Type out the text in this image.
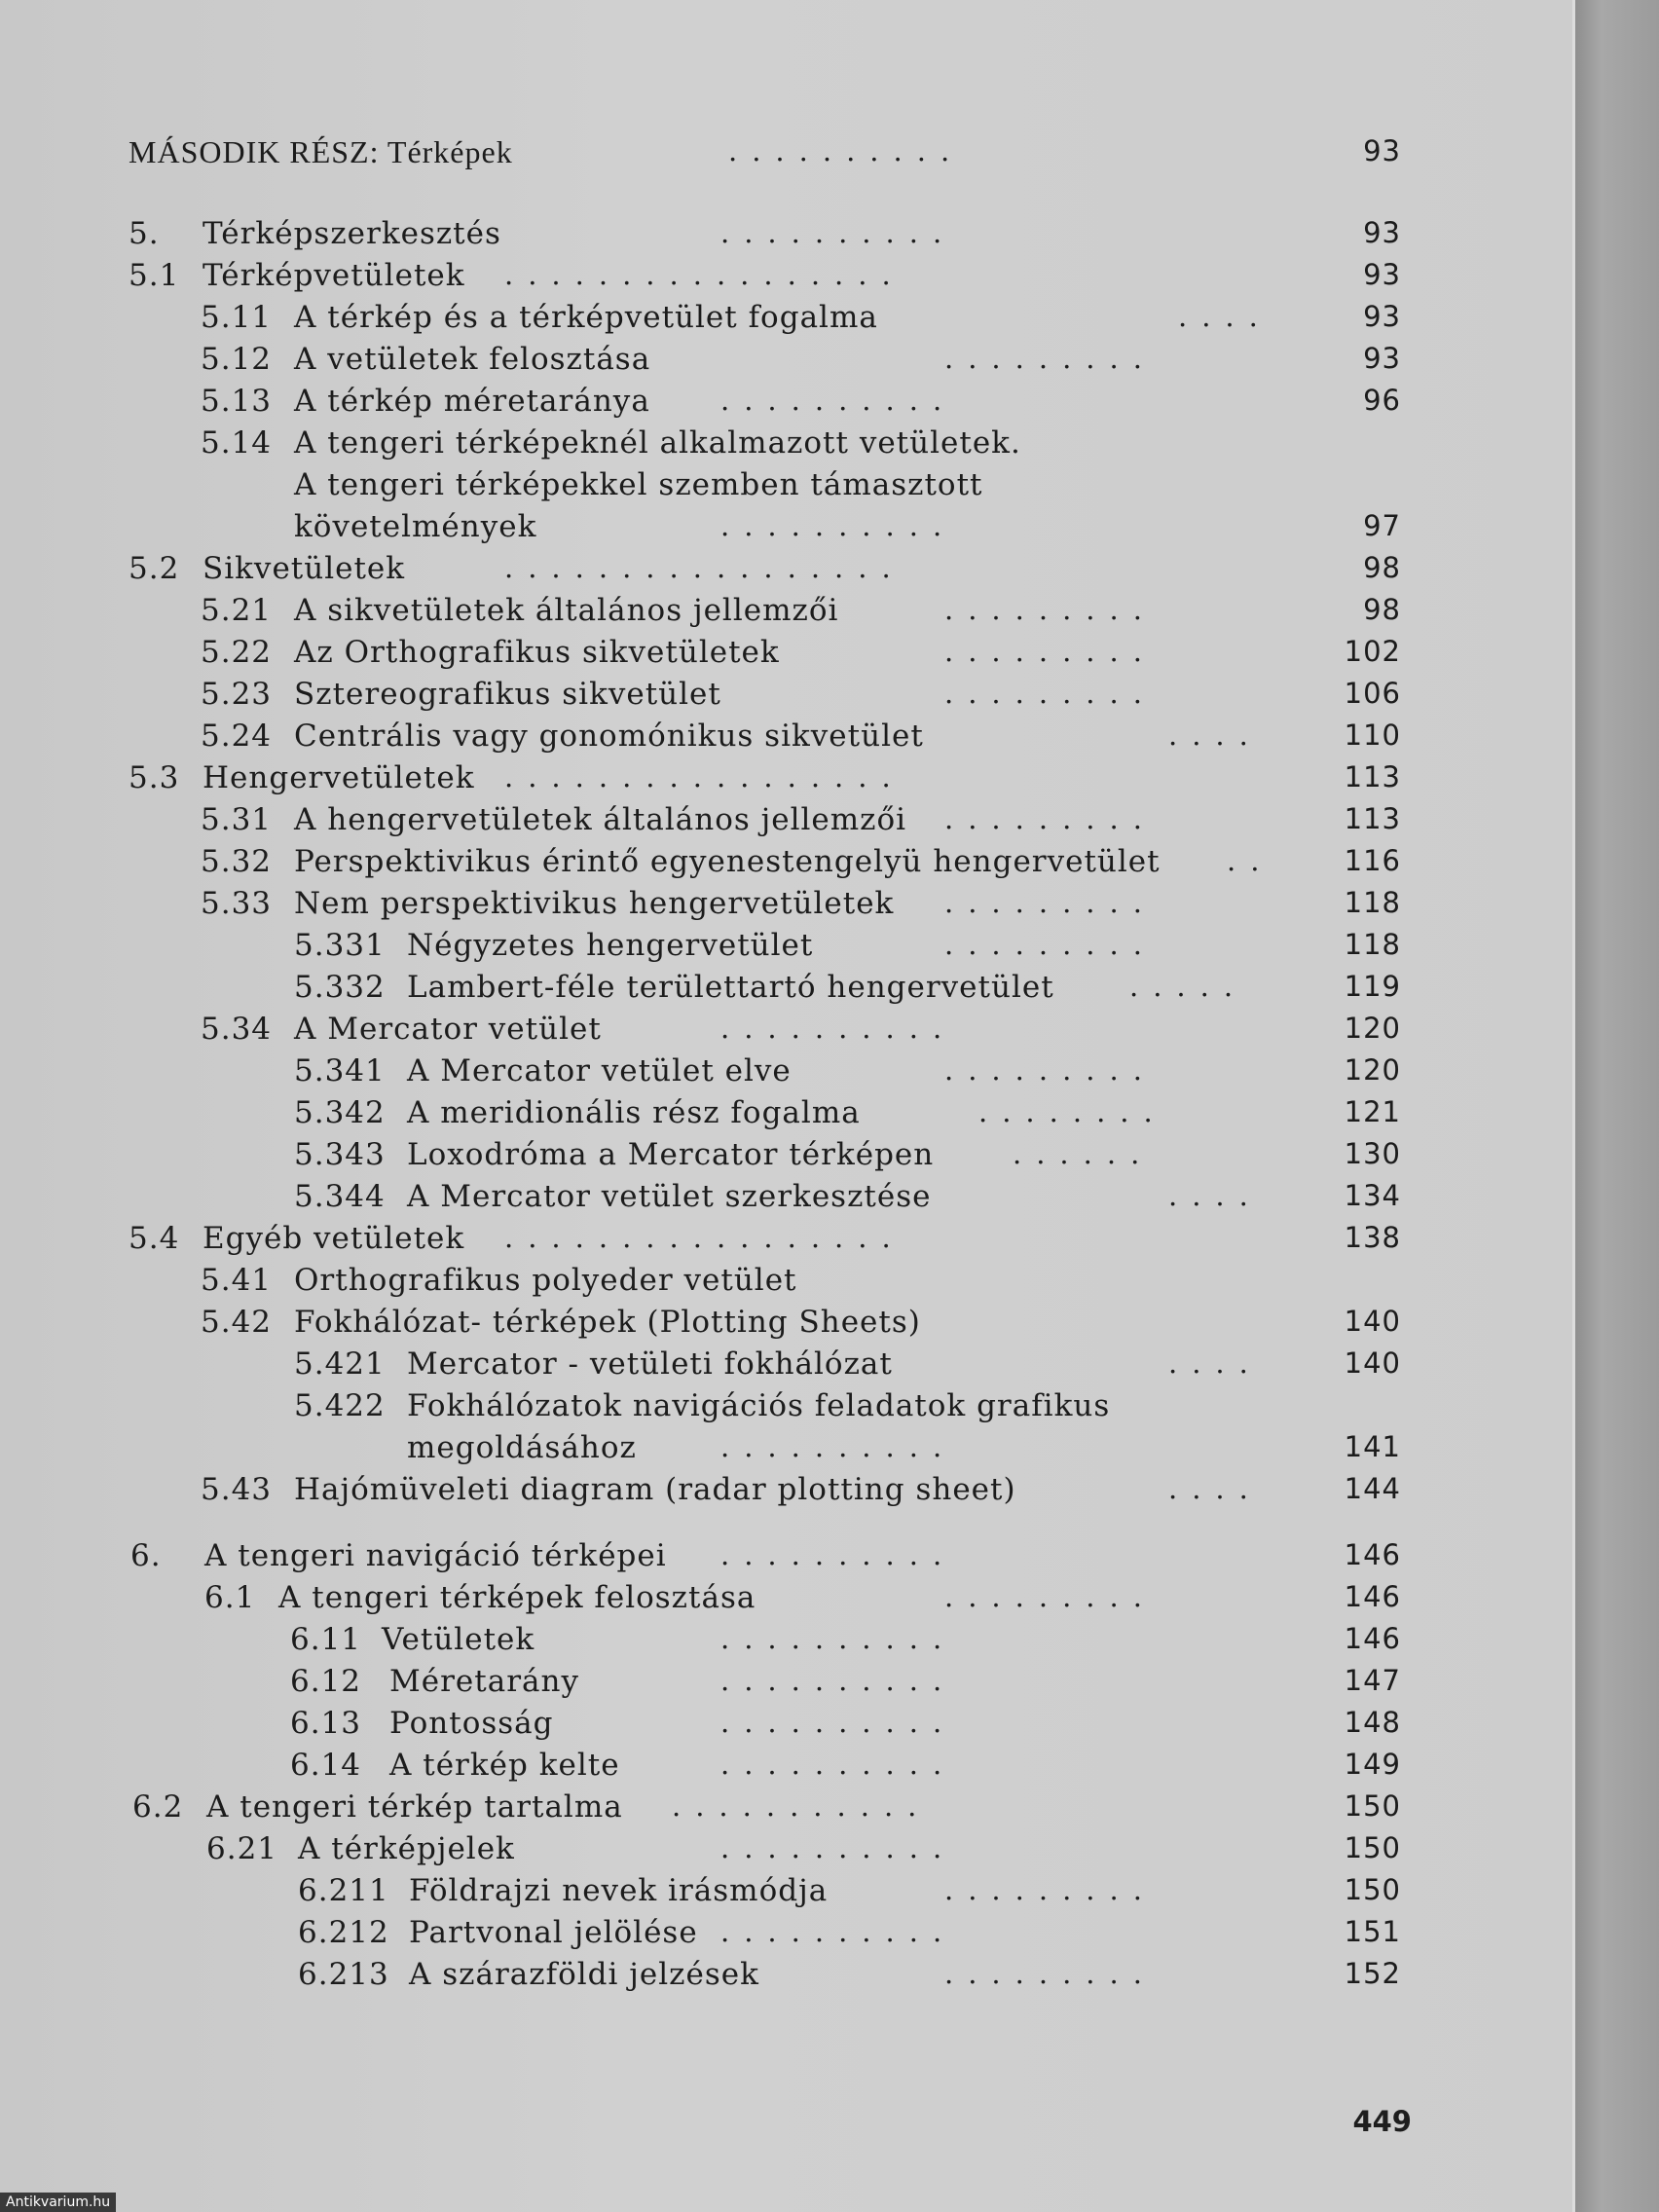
MÁSODIK RÉSZ: Térképek	..........	93
5. Térképszerkesztés	..........	93
5.1 Térképvetületek .................	93
5.11 A térkép és a térképvetület fogalma	....	93
5.12 A vetületek felosztása	.........	93
5.13 A térkép méretaránya ..........	96
5.14 A tengeri térképeknél alkalmazott vetületek.
A tengeri térképekkel szemben támasztott
követelmények	..........	97
5.2 Sikvetületek	.................	98
5.21 A sikvetületek általános jellemzői	.........	98
5.22 Az Orthografikus sikvetületek	.........	102
5.23 Sztereografikus sikvetület	.........	106
5.24 Centrális vagy gonomónikus sikvetület	....	110
5.3 Hengervetületek .................	113
5.31 A hengervetületek általános jellemzői .........	113
5.32 Perspektivikus érintő egyenestengelyü hengervetület ..	116
5.33 Nem perspektivikus hengervetületek .........	118
5.331 Négyzetes hengervetület	.........	118
5.332 Lambert-féle területtartó hengervetület	.....	119
5.34 A Mercator vetület	..........	120
5.341 A Mercator vetület elve	.........	120
5.342 A meridionális rész fogalma	........	121
5.343 Loxodróma a Mercator térképen	......	130
5.344 A Mercator vetület szerkesztése	....	134
5.4 Egyéb vetületek .................	138
5.41 Orthografikus polyeder vetület
5.42 Fokhálózat- térképek (Plotting Sheets)	140
5.421 Mercator - vetületi fokhálózat	....	140
5.422 Fokhálózatok navigációs feladatok grafikus
megoldásához	..........	141
5.43 Hajómüveleti diagram (radar plotting sheet)	....	144
6. A tengeri navigáció térképei ..........	146
6.1 A tengeri térképek felosztása	.........	146
6.11 Vetületek	..........	146
6.12 Méretarány	..........	147
6.13 Pontosság	..........	148
6.14 A térkép kelte	..........	149
6.2 A tengeri térkép tartalma ...........	150
6.21 A térképjelek	..........	150
6.211 Földrajzi nevek irásmódja	.........	150
6.212 Partvonal jelölése ..........	151
6.213 A szárazföldi jelzések	.........	152
449
Antikvarium.hu
